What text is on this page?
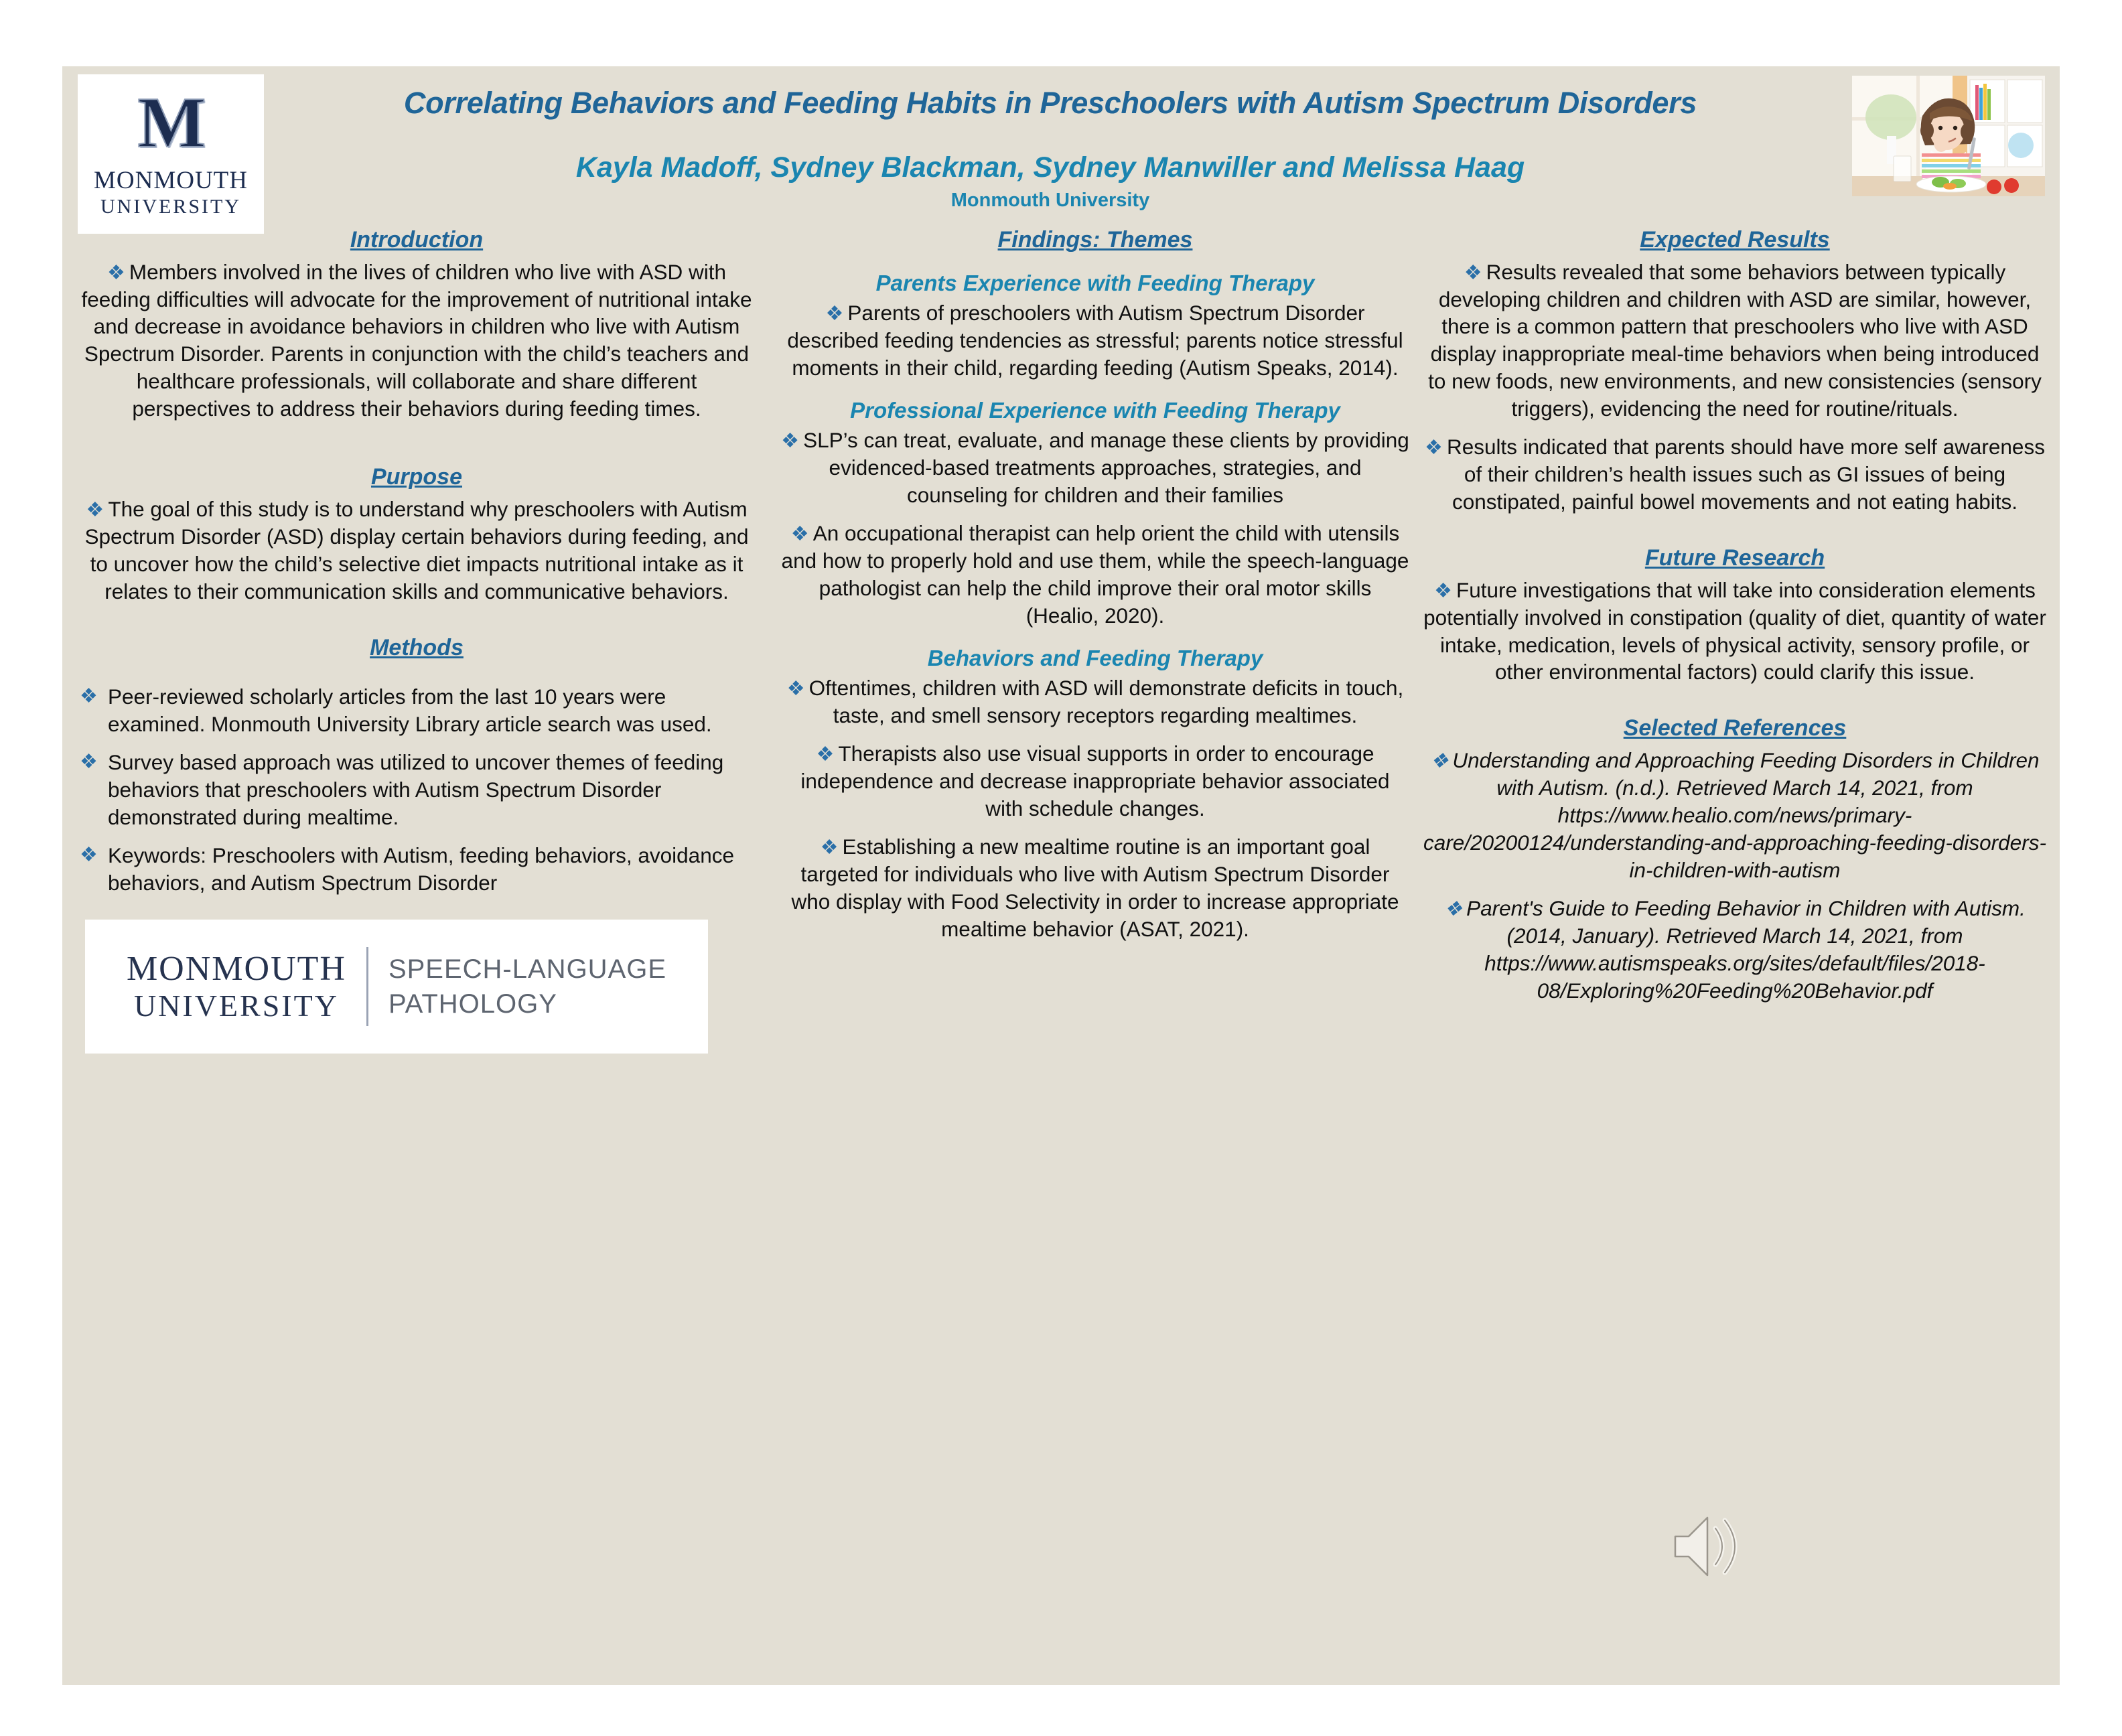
M
MONMOUTH
UNIVERSITY
Correlating Behaviors and Feeding Habits in Preschoolers with Autism Spectrum Disorders
Kayla Madoff, Sydney Blackman, Sydney Manwiller and Melissa Haag
Monmouth University
Introduction
❖ Members involved in the lives of children who live with ASD with feeding difficulties will advocate for the improvement of nutritional intake and decrease in avoidance behaviors in children who live with Autism Spectrum Disorder. Parents in conjunction with the child’s teachers and healthcare professionals, will collaborate and share different perspectives to address their behaviors during feeding times.
Purpose
❖ The goal of this study is to understand why preschoolers with Autism Spectrum Disorder (ASD) display certain behaviors during feeding, and to uncover how the child’s selective diet impacts nutritional intake as it relates to their communication skills and communicative behaviors.
Methods
❖ Peer-reviewed scholarly articles from the last 10 years were examined. Monmouth University Library article search was used.
❖ Survey based approach was utilized to uncover themes of feeding behaviors that preschoolers with Autism Spectrum Disorder demonstrated during mealtime.
❖ Keywords: Preschoolers with Autism, feeding behaviors, avoidance behaviors, and Autism Spectrum Disorder
MONMOUTH
UNIVERSITY
SPEECH-LANGUAGE
PATHOLOGY
Findings: Themes
Parents Experience with Feeding Therapy
❖ Parents of preschoolers with Autism Spectrum Disorder described feeding tendencies as stressful; parents notice stressful moments in their child, regarding feeding (Autism Speaks, 2014).
Professional Experience with Feeding Therapy
❖ SLP’s can treat, evaluate, and manage these clients by providing evidenced-based treatments approaches, strategies, and counseling for children and their families
❖ An occupational therapist can help orient the child with utensils and how to properly hold and use them, while the speech-language pathologist can help the child improve their oral motor skills (Healio, 2020).
Behaviors and Feeding Therapy
❖ Oftentimes, children with ASD will demonstrate deficits in touch, taste, and smell sensory receptors regarding mealtimes.
❖ Therapists also use visual supports in order to encourage independence and decrease inappropriate behavior associated with schedule changes.
❖ Establishing a new mealtime routine is an important goal targeted for individuals who live with Autism Spectrum Disorder who display with Food Selectivity in order to increase appropriate mealtime behavior (ASAT, 2021).
Expected Results
❖ Results revealed that some behaviors between typically developing children and children with ASD are similar, however, there is a common pattern that preschoolers who live with ASD display inappropriate meal-time behaviors when being introduced to new foods, new environments, and new consistencies (sensory triggers), evidencing the need for routine/rituals.
❖ Results indicated that parents should have more self awareness of their children’s health issues such as GI issues of being constipated, painful bowel movements and not eating habits.
Future Research
❖ Future investigations that will take into consideration elements potentially involved in constipation (quality of diet, quantity of water intake, medication, levels of physical activity, sensory profile, or other environmental factors) could clarify this issue.
Selected References
❖ Understanding and Approaching Feeding Disorders in Children with Autism. (n.d.). Retrieved March 14, 2021, from https://www.healio.com/news/primary-care/20200124/understanding-and-approaching-feeding-disorders-in-children-with-autism
❖ Parent's Guide to Feeding Behavior in Children with Autism. (2014, January). Retrieved March 14, 2021, from https://www.autismspeaks.org/sites/default/files/2018-08/Exploring%20Feeding%20Behavior.pdf
